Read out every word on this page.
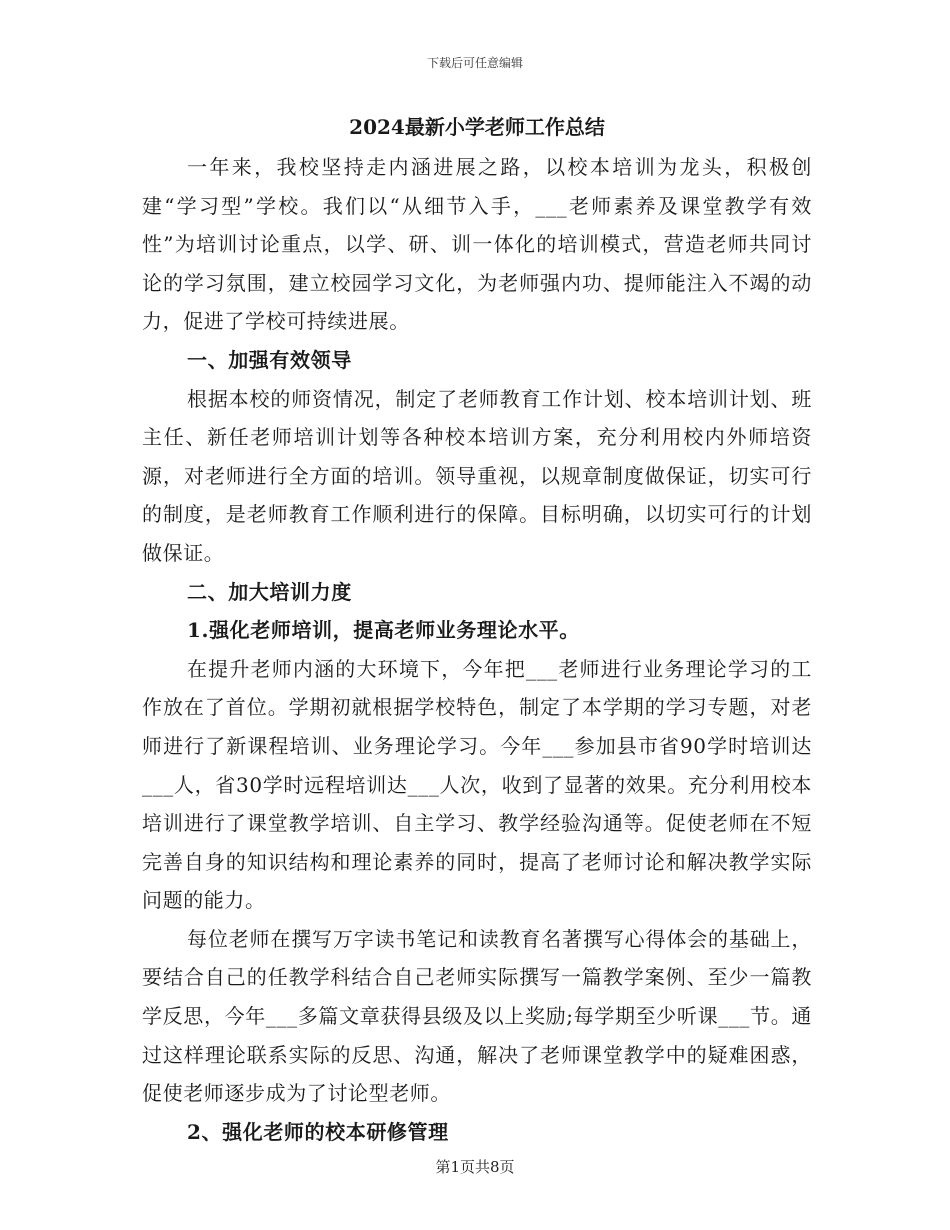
下载后可任意编辑
2024最新小学老师工作总结

一年来，我校坚持走内涵进展之路，以校本培训为龙头，积极创建“学习型”学校。我们以“从细节入手，___老师素养及课堂教学有效性”为培训讨论重点，以学、研、训一体化的培训模式，营造老师共同讨论的学习氛围，建立校园学习文化，为老师强内功、提师能注入不竭的动力，促进了学校可持续进展。

一、加强有效领导

根据本校的师资情况，制定了老师教育工作计划、校本培训计划、班主任、新任老师培训计划等各种校本培训方案，充分利用校内外师培资源，对老师进行全方面的培训。领导重视，以规章制度做保证，切实可行的制度，是老师教育工作顺利进行的保障。目标明确，以切实可行的计划做保证。

二、加大培训力度

1.强化老师培训，提高老师业务理论水平。

在提升老师内涵的大环境下，今年把___老师进行业务理论学习的工作放在了首位。学期初就根据学校特色，制定了本学期的学习专题，对老师进行了新课程培训、业务理论学习。今年___参加县市省90学时培训达___人，省30学时远程培训达___人次，收到了显著的效果。充分利用校本培训进行了课堂教学培训、自主学习、教学经验沟通等。促使老师在不短完善自身的知识结构和理论素养的同时，提高了老师讨论和解决教学实际问题的能力。

每位老师在撰写万字读书笔记和读教育名著撰写心得体会的基础上，要结合自己的任教学科结合自己老师实际撰写一篇教学案例、至少一篇教学反思，今年___多篇文章获得县级及以上奖励;每学期至少听课___节。通过这样理论联系实际的反思、沟通，解决了老师课堂教学中的疑难困惑，促使老师逐步成为了讨论型老师。

2、强化老师的校本研修管理

第1页共8页
